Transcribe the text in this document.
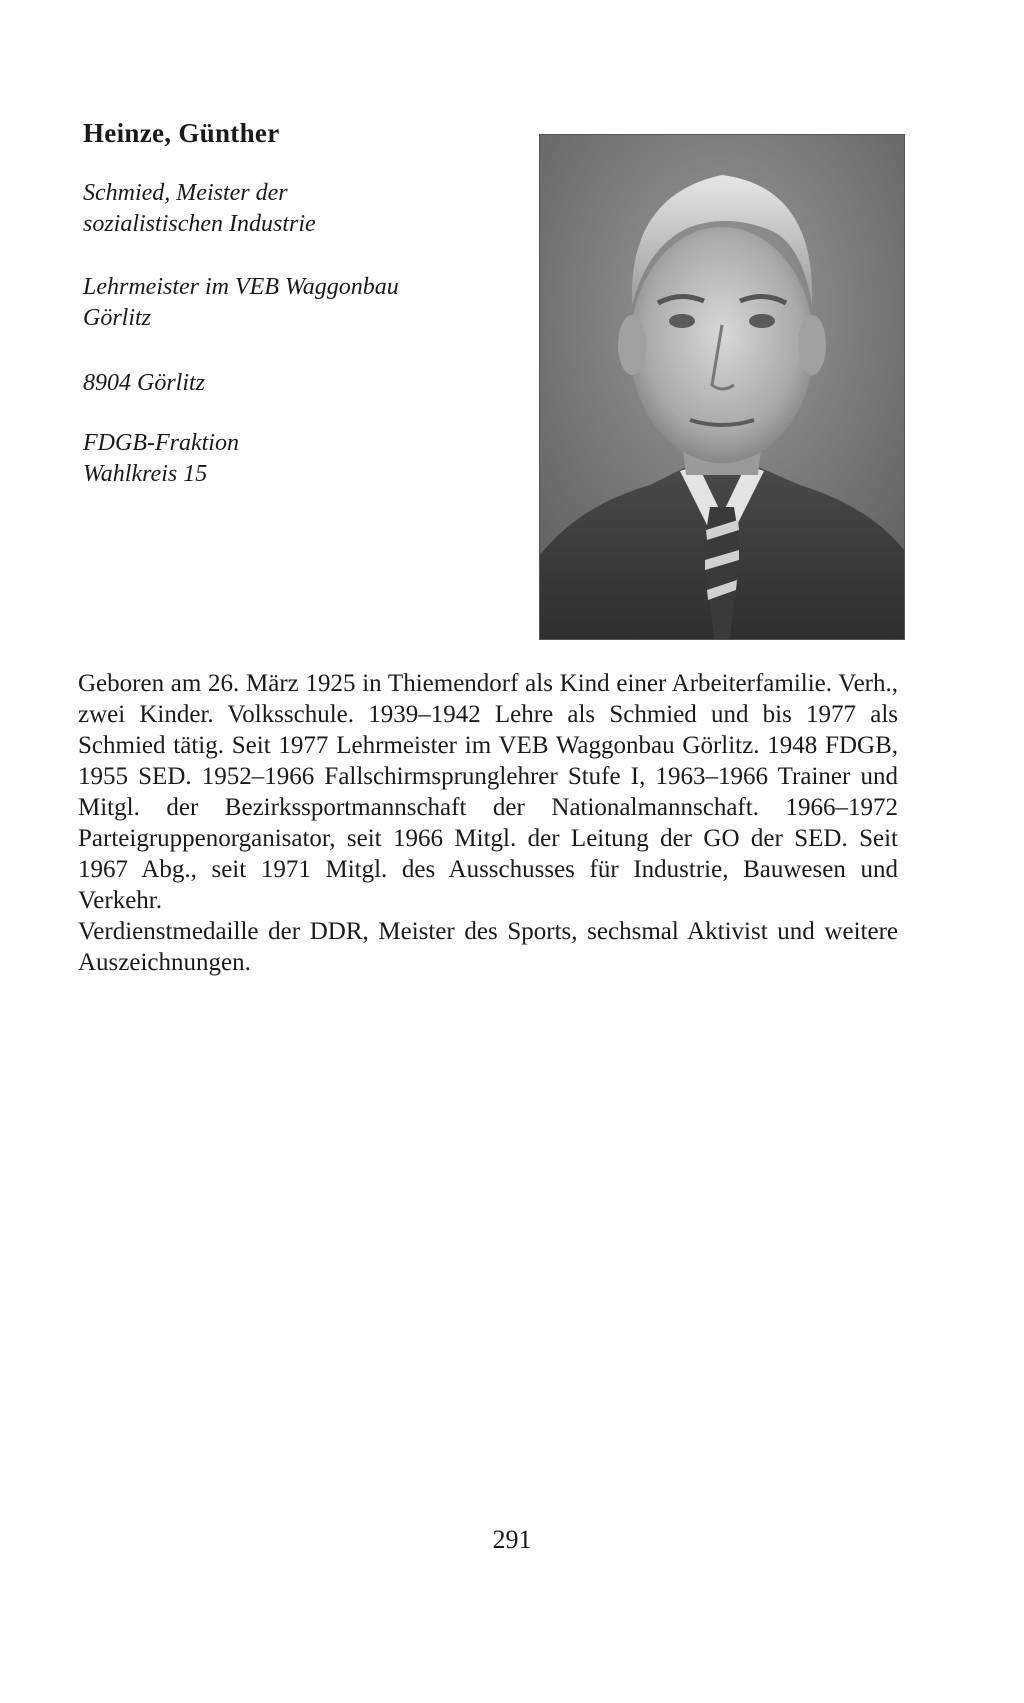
Heinze, Günther
Schmied, Meister der
sozialistischen Industrie
Lehrmeister im VEB Waggonbau
Görlitz
8904 Görlitz
FDGB-Fraktion
Wahlkreis 15

Geboren am 26. März 1925 in Thiemendorf als Kind einer Arbeiterfamilie. Verh., zwei Kinder. Volksschule. 1939–1942 Lehre als Schmied und bis 1977 als Schmied tätig. Seit 1977 Lehrmeister im VEB Waggonbau Görlitz. 1948 FDGB, 1955 SED. 1952–1966 Fallschirmsprunglehrer Stufe I, 1963–1966 Trainer und Mitgl. der Bezirkssportmannschaft der Nationalmannschaft. 1966–1972 Parteigruppenorganisator, seit 1966 Mitgl. der Leitung der GO der SED. Seit 1967 Abg., seit 1971 Mitgl. des Ausschusses für Industrie, Bauwesen und Verkehr.

Verdienstmedaille der DDR, Meister des Sports, sechsmal Aktivist und weitere Auszeichnungen.

291
